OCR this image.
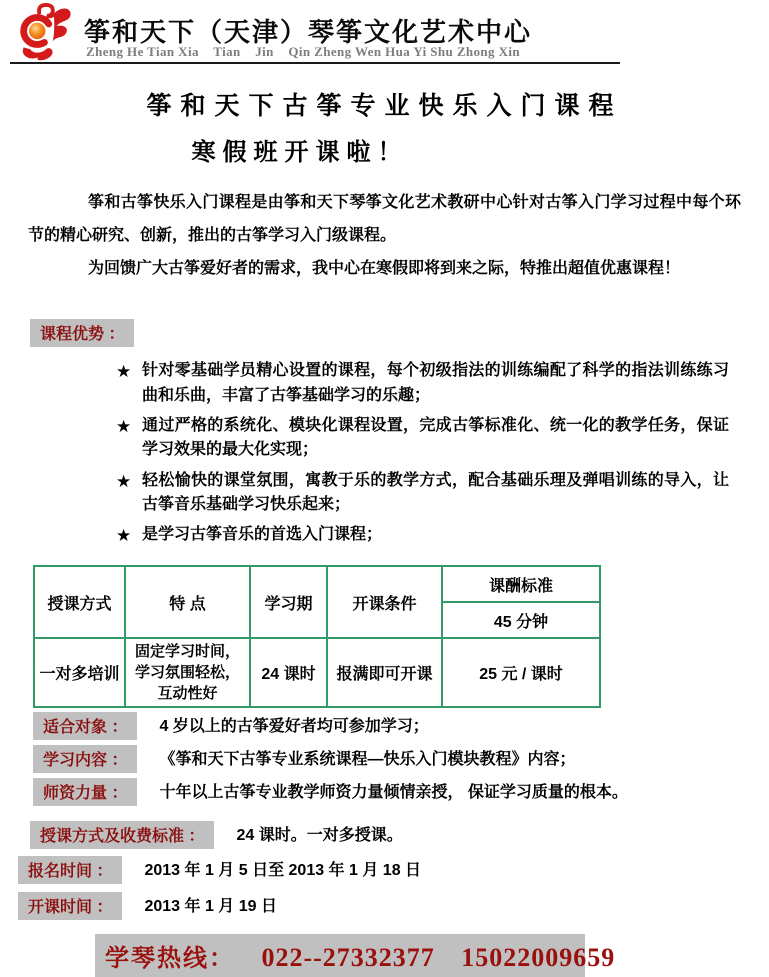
筝和天下（天津）琴筝文化艺术中心
Zheng He Tian Xia    Tian    Jin    Qin Zheng Wen Hua Yi Shu Zhong Xin
筝和天下古筝专业快乐入门课程
寒假班开课啦！

筝和古筝快乐入门课程是由筝和天下琴筝文化艺术教研中心针对古筝入门学习过程中每个环节的精心研究、创新，推出的古筝学习入门级课程。

为回馈广大古筝爱好者的需求，我中心在寒假即将到来之际，特推出超值优惠课程！

课程优势 ：
★ 针对零基础学员精心设置的课程，每个初级指法的训练编配了科学的指法训练练习曲和乐曲，丰富了古筝基础学习的乐趣；
★ 通过严格的系统化、模块化课程设置，完成古筝标准化、统一化的教学任务，保证学习效果的最大化实现；
★ 轻松愉快的课堂氛围，寓教于乐的教学方式，配合基础乐理及弹唱训练的导入，让古筝音乐基础学习快乐起来；
★ 是学习古筝音乐的首选入门课程；
授课方式	特 点	学习期	开课条件	课酬标准
				45 分钟
一对多培训	固定学习时间，学习氛围轻松，互动性好	24 课时	报满即可开课	25 元 / 课时
适合对象 ：	4 岁以上的古筝爱好者均可参加学习；
学习内容 ：	《筝和天下古筝专业系统课程—快乐入门模块教程》内容；
师资力量 ：	十年以上古筝专业教学师资力量倾情亲授， 保证学习质量的根本。
授课方式及收费标准 ：	24 课时。一对多授课。
报名时间 ：	2013 年 1 月 5 日至 2013 年 1 月 18 日
开课时间 ：	2013 年 1 月 19 日
学琴热线： 022--27332377 15022009659
